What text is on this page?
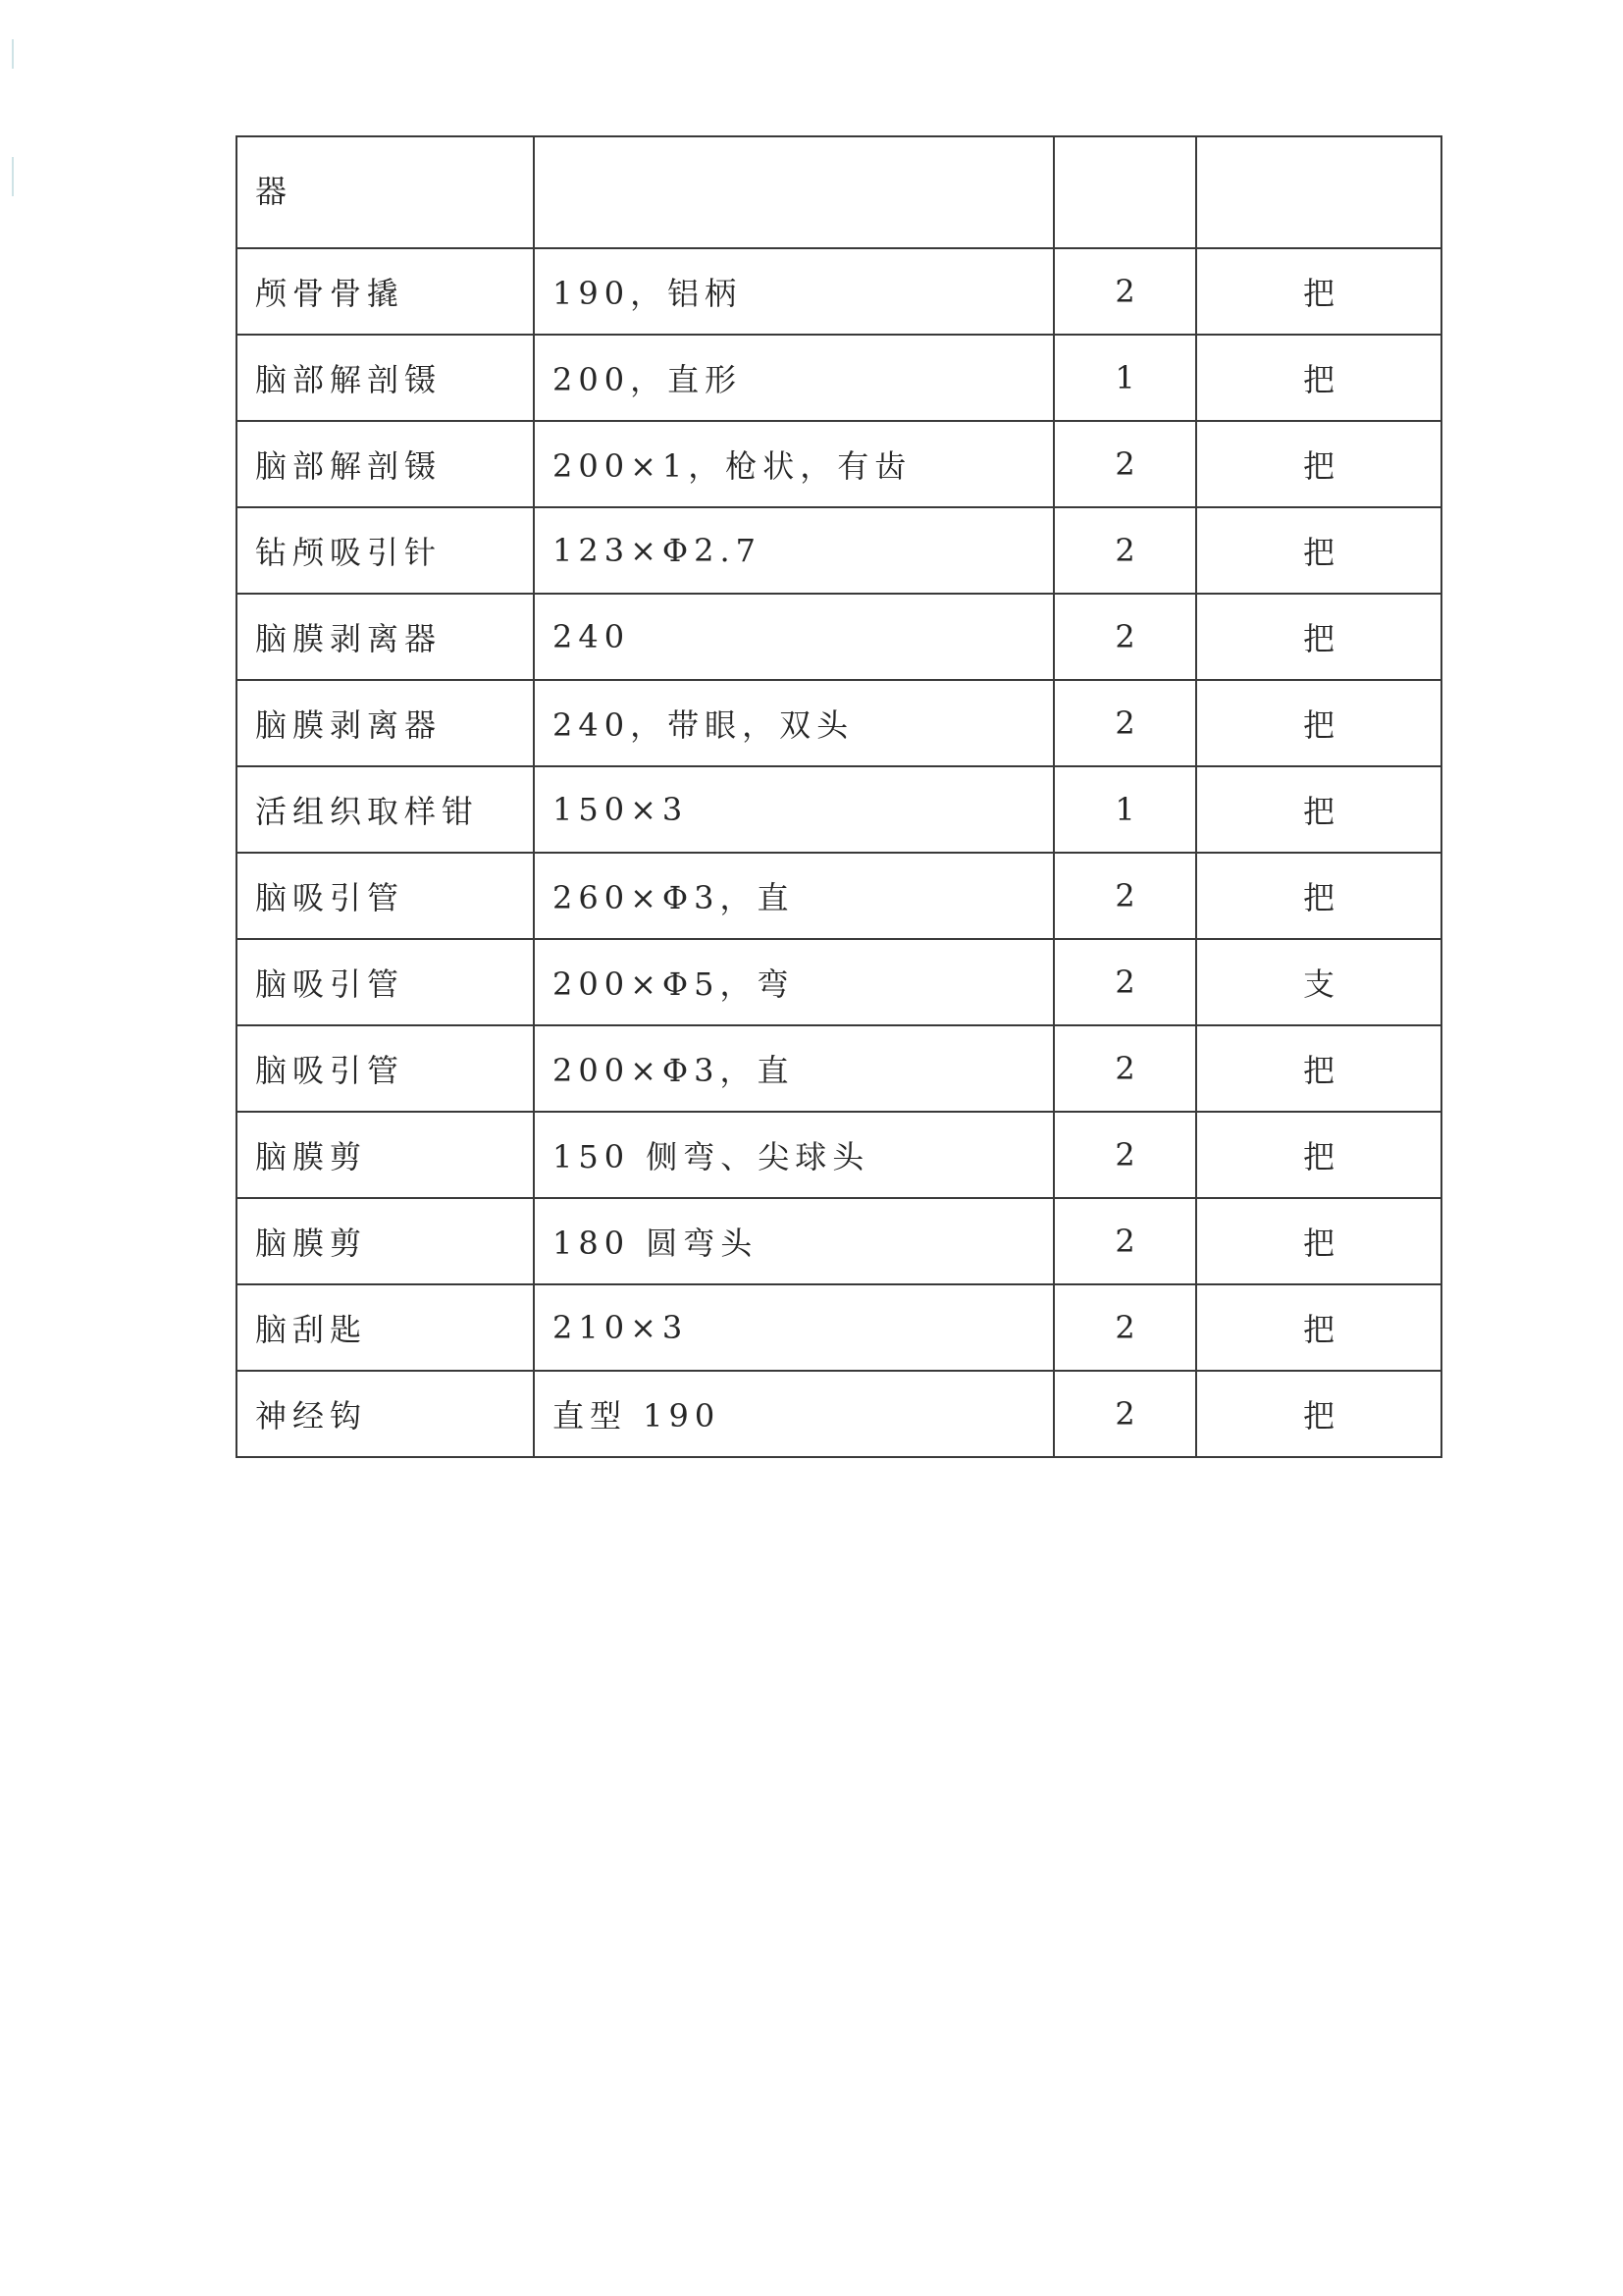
器			
颅骨骨撬	190，铝柄	2	把
脑部解剖镊	200，直形	1	把
脑部解剖镊	200×1，枪状，有齿	2	把
钻颅吸引针	123×Φ2.7	2	把
脑膜剥离器	240	2	把
脑膜剥离器	240，带眼，双头	2	把
活组织取样钳	150×3	1	把
脑吸引管	260×Φ3，直	2	把
脑吸引管	200×Φ5，弯	2	支
脑吸引管	200×Φ3，直	2	把
脑膜剪	150 侧弯、尖球头	2	把
脑膜剪	180 圆弯头	2	把
脑刮匙	210×3	2	把
神经钩	直型 190	2	把
